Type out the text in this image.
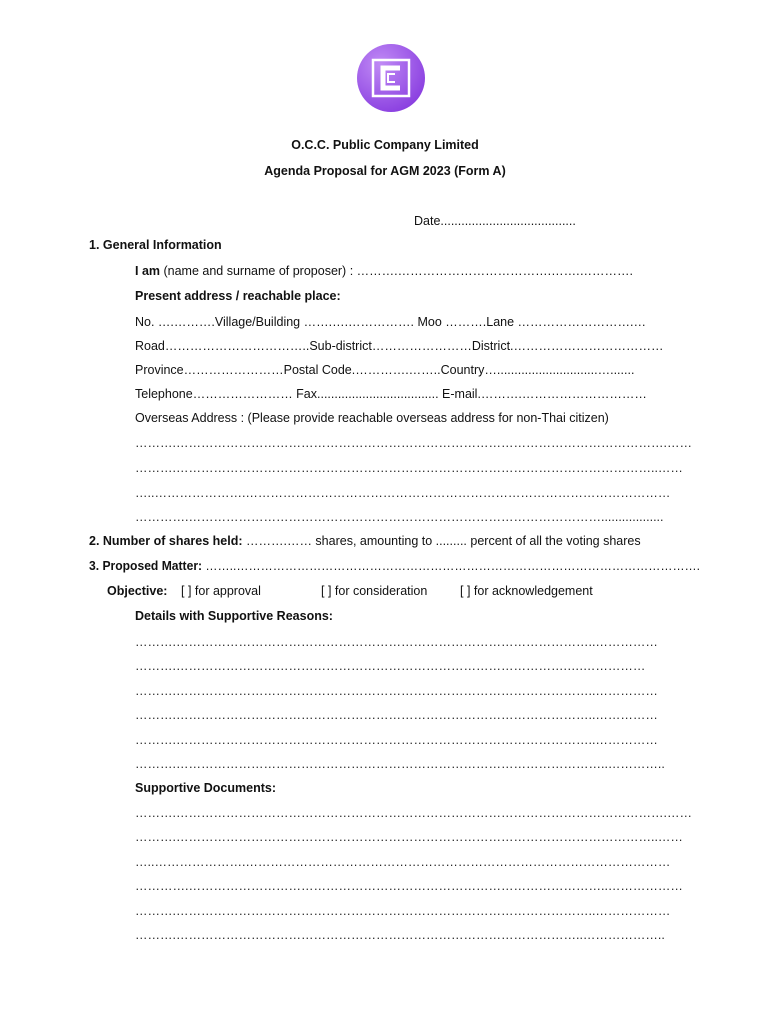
O.C.C. Public Company Limited
Agenda Proposal for AGM 2023 (Form A)
Date.......................................
1. General Information
I am (name and surname of proposer) : ……….……………………………….…….………….
Present address / reachable place:
No. ….……….Village/Building …….….……………. Moo ……….Lane ……………………….…
Road……………………………..Sub-district……………………District.………………………………
Province……………………Postal Code.………….……..Country….............................….......
Telephone…………………… Fax................................... E-mail.……….…………………………
Overseas Address : (Please provide reachable overseas address for non-Thai citizen)
……….……………………………………………………………………………………………………….……
……….……………………………………………………………………………………………………..……
…..………………….…………………………………………………………………………………………
………….………………………………………………………………………………………..................
2. Number of shares held: ……….…… shares, amounting to ......... percent of all the voting shares
3. Proposed Matter: ……..…………………………………………………………………………………………………….
Objective: [ ] for approval	[ ] for consideration	[ ] for acknowledgement
Details with Supportive Reasons:
……….………………………………………………………………………………………..……………
……….………………………………………………………………………………….….……………
……….………………………………………………………………………………………..……………
……….………………………………………………………………………………………..……………
……….………………………………………………………………………………………..……………
……….…………………………………………………………………………………………..…………..
Supportive Documents:
……….……………………………………………………………………………………………………….……
……….……………………………………………………………………………………………………..……
…..………………….…………………………………………………………………………………………
………….………………………………………………………………………………………..………………
……….………………………………………………………………………………………..………………
……….……………………………………………………………………………………..………………..
